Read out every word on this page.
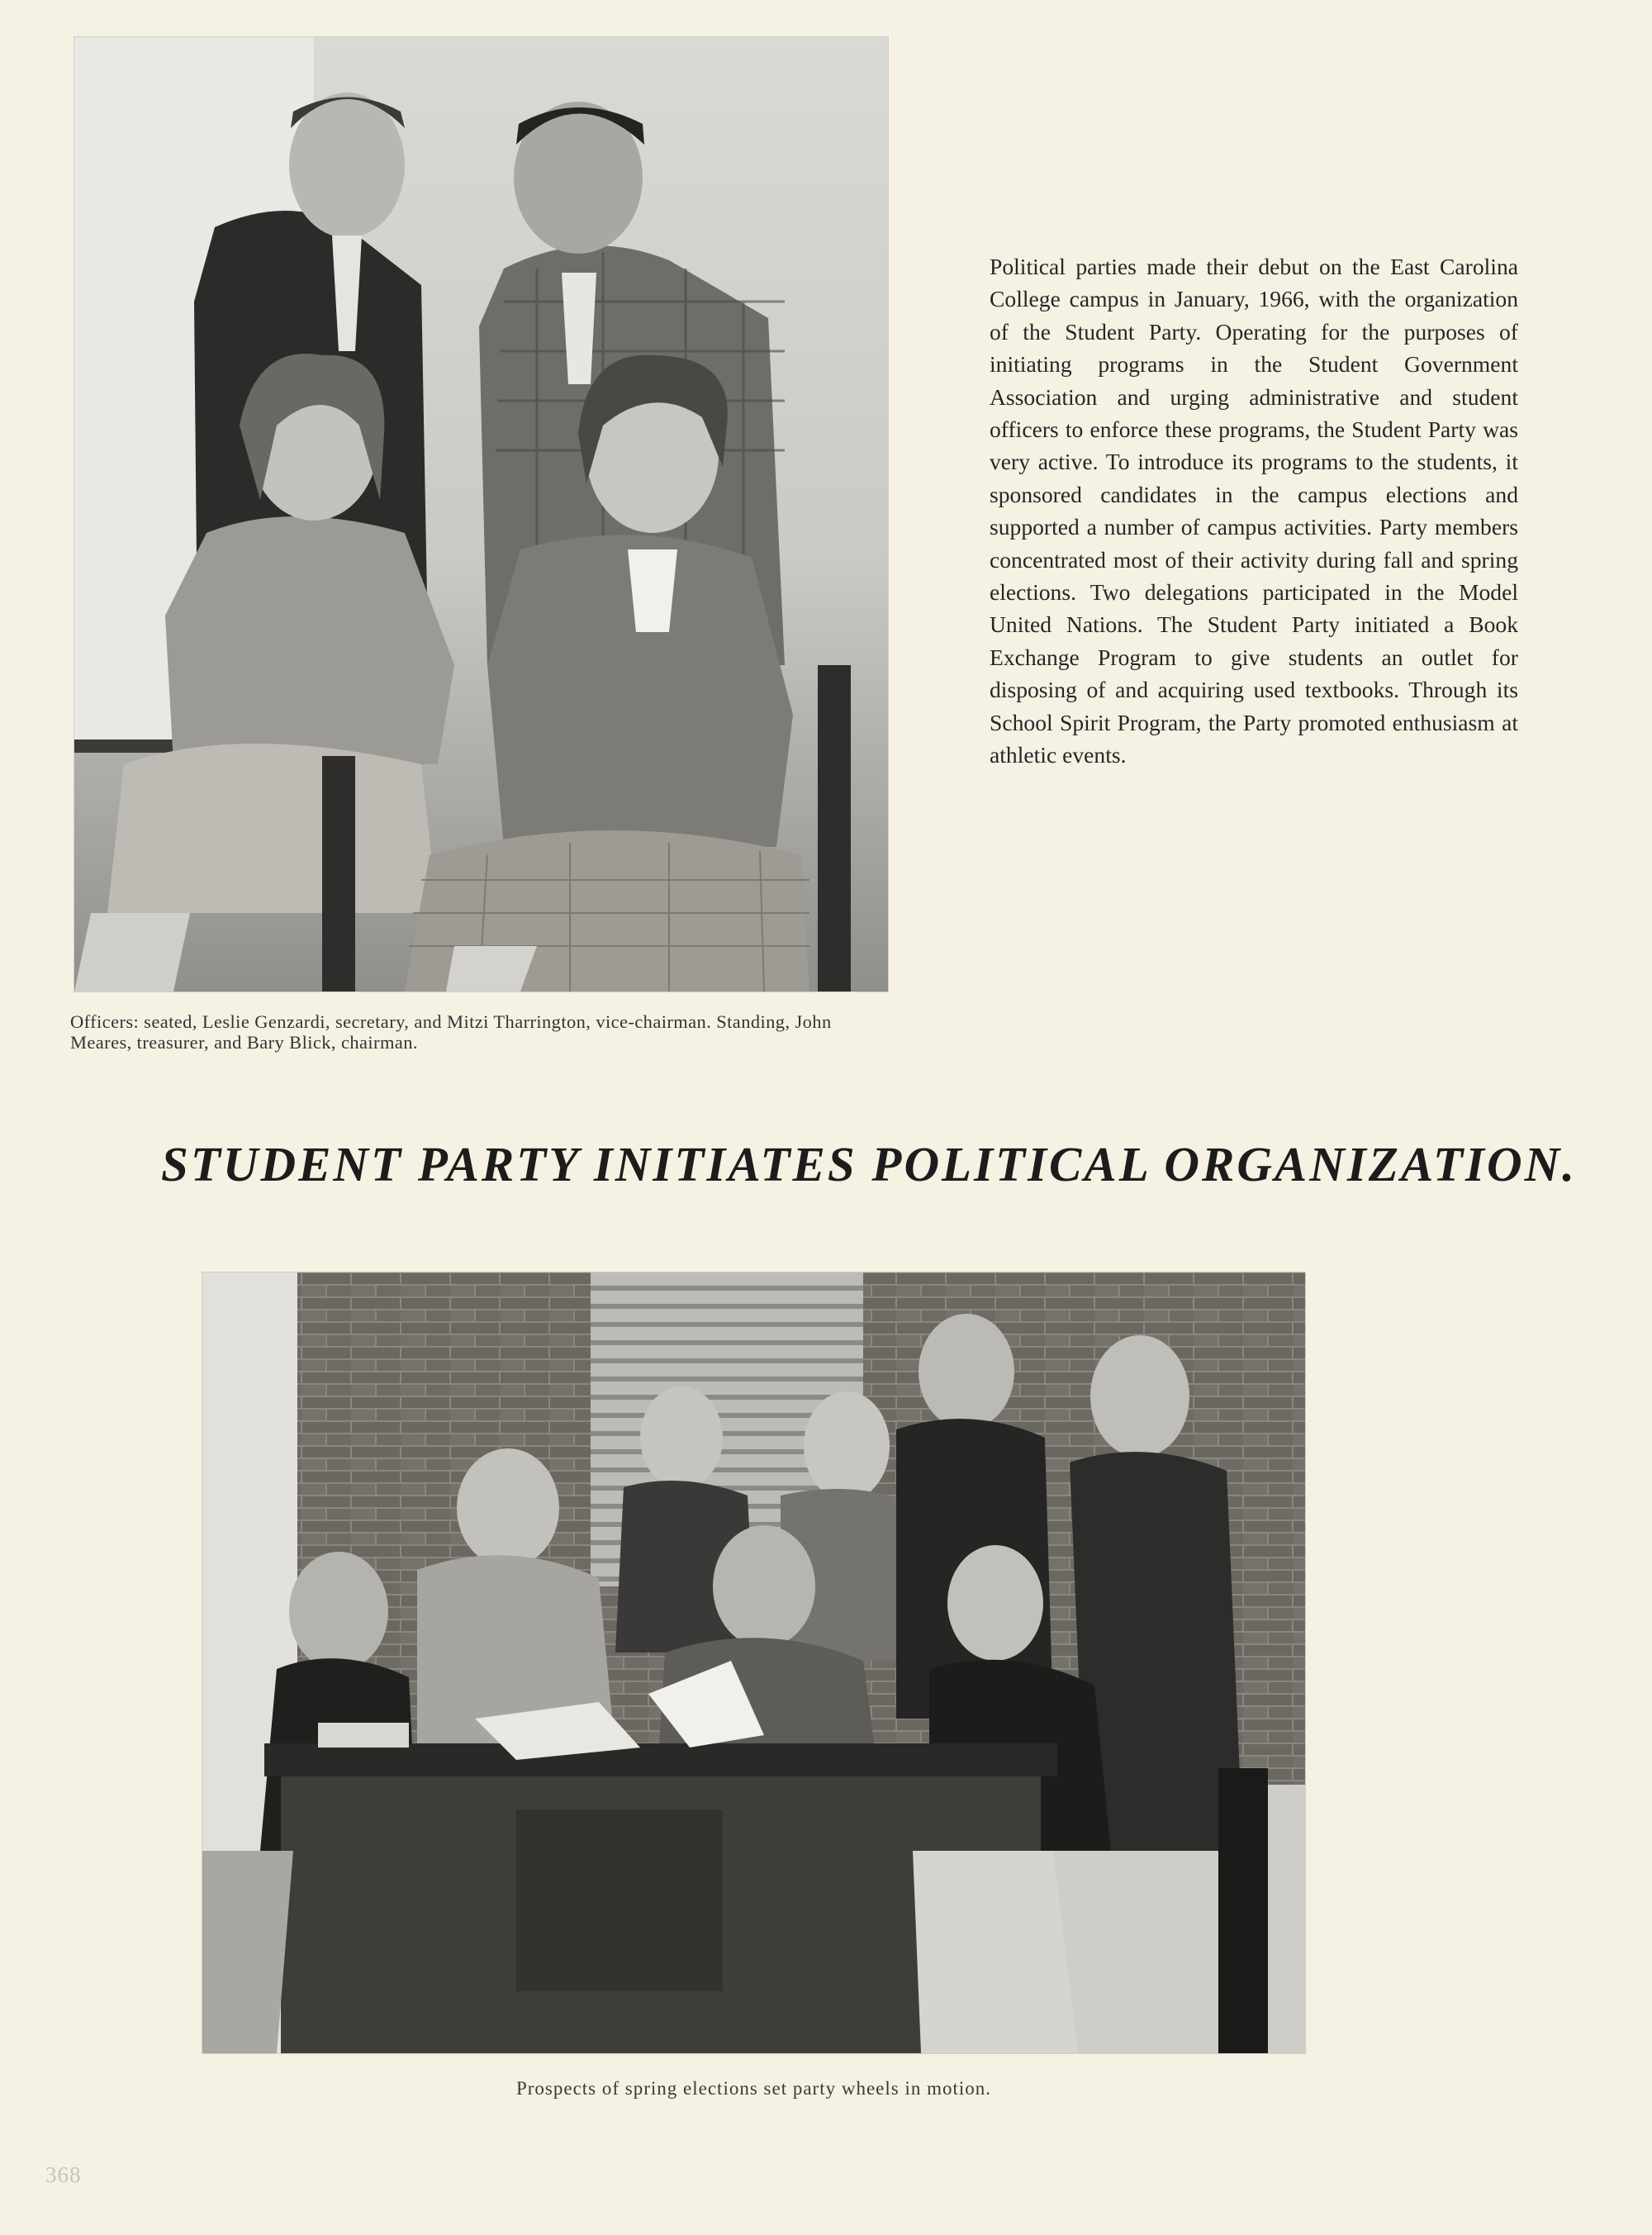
Political parties made their debut on the East Carolina College campus in January, 1966, with the organization of the Student Party. Operating for the purposes of initiating programs in the Student Government Association and urging administrative and student officers to enforce these programs, the Student Party was very active. To introduce its programs to the students, it sponsored candidates in the campus elections and supported a number of campus activities. Party members concentrated most of their activity during fall and spring elections. Two delegations participated in the Model United Nations. The Student Party initiated a Book Exchange Program to give students an outlet for disposing of and acquiring used textbooks. Through its School Spirit Program, the Party promoted enthusiasm at athletic events.
Officers: seated, Leslie Genzardi, secretary, and Mitzi Tharrington, vice-chairman. Standing, John Meares, treasurer, and Bary Blick, chairman.
STUDENT PARTY INITIATES POLITICAL ORGANIZATION.
Prospects of spring elections set party wheels in motion.
368
